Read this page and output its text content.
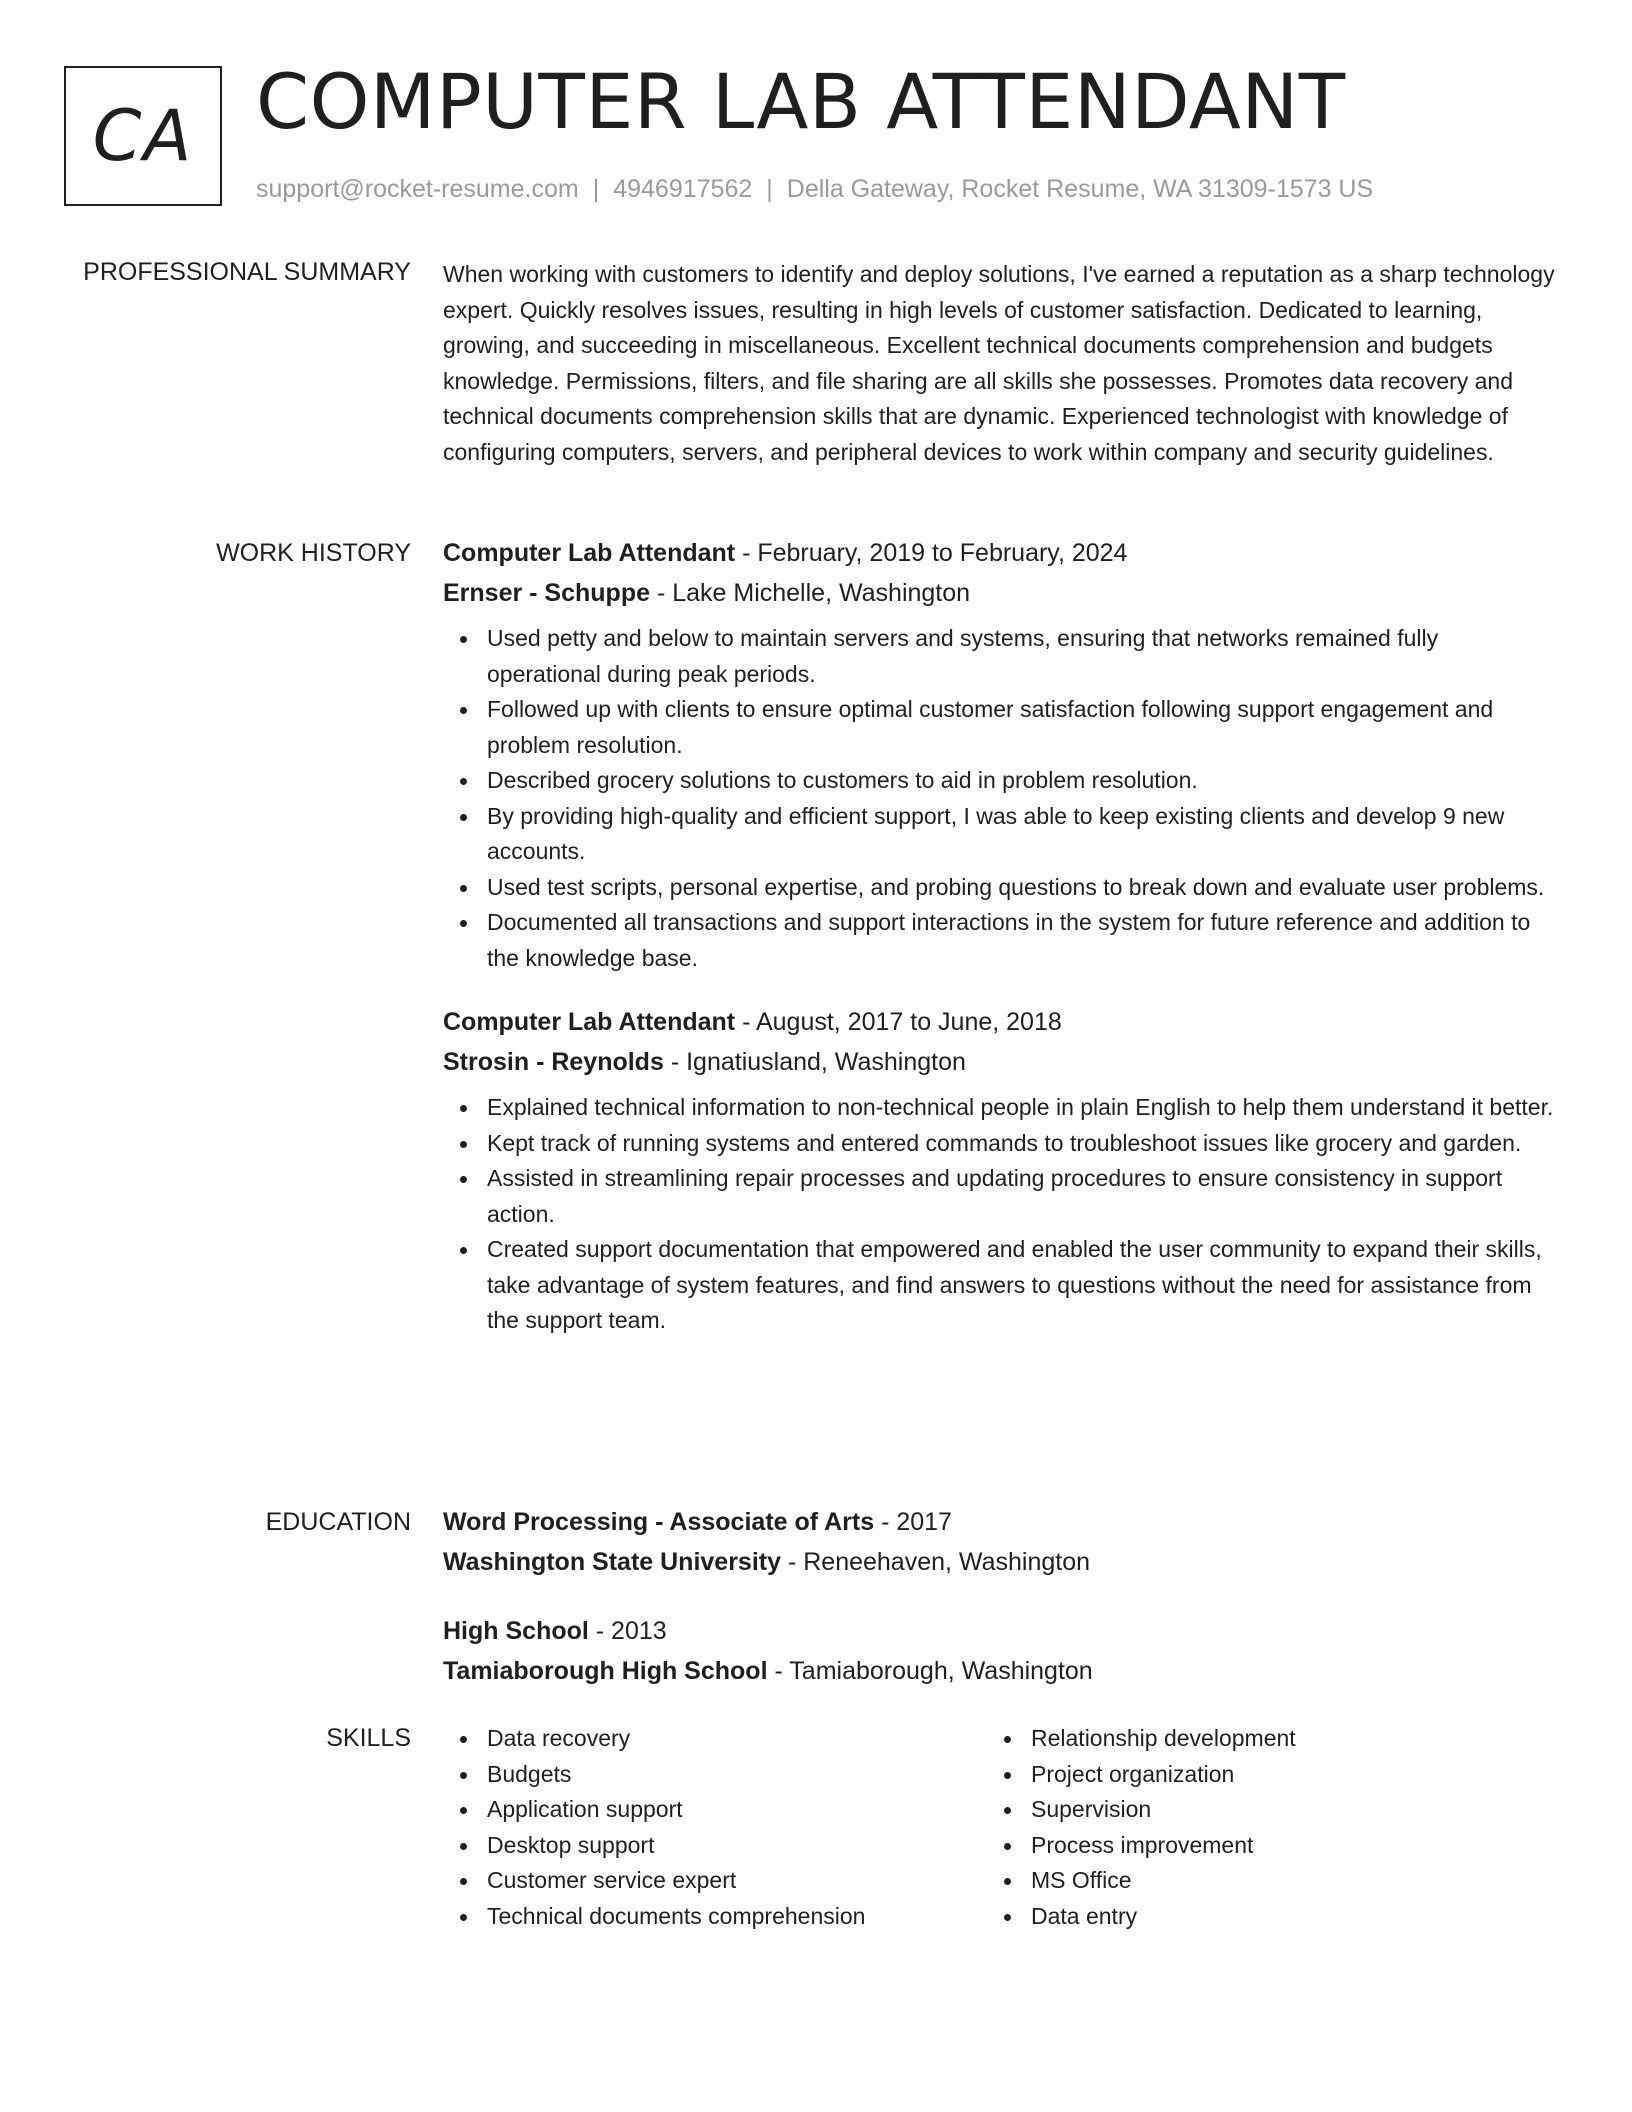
CA COMPUTER LAB ATTENDANT
support@rocket-resume.com | 4946917562 | Della Gateway, Rocket Resume, WA 31309-1573 US
PROFESSIONAL SUMMARY When working with customers to identify and deploy solutions, I've earned a reputation as a sharp technology expert. Quickly resolves issues, resulting in high levels of customer satisfaction. Dedicated to learning, growing, and succeeding in miscellaneous. Excellent technical documents comprehension and budgets knowledge. Permissions, filters, and file sharing are all skills she possesses. Promotes data recovery and technical documents comprehension skills that are dynamic. Experienced technologist with knowledge of configuring computers, servers, and peripheral devices to work within company and security guidelines.

WORK HISTORY Computer Lab Attendant - February, 2019 to February, 2024
Ernser - Schuppe - Lake Michelle, Washington
Used petty and below to maintain servers and systems, ensuring that networks remained fully operational during peak periods.
Followed up with clients to ensure optimal customer satisfaction following support engagement and problem resolution.
Described grocery solutions to customers to aid in problem resolution.
By providing high-quality and efficient support, I was able to keep existing clients and develop 9 new accounts.
Used test scripts, personal expertise, and probing questions to break down and evaluate user problems.
Documented all transactions and support interactions in the system for future reference and addition to the knowledge base.
Computer Lab Attendant - August, 2017 to June, 2018
Strosin - Reynolds - Ignatiusland, Washington
Explained technical information to non-technical people in plain English to help them understand it better.
Kept track of running systems and entered commands to troubleshoot issues like grocery and garden.
Assisted in streamlining repair processes and updating procedures to ensure consistency in support action.
Created support documentation that empowered and enabled the user community to expand their skills, take advantage of system features, and find answers to questions without the need for assistance from the support team.
EDUCATION Word Processing - Associate of Arts - 2017
Washington State University - Reneehaven, Washington
High School - 2013
Tamiaborough High School - Tamiaborough, Washington
SKILLS	Data recovery
Budgets
Application support
Desktop support
Customer service expert
Technical documents comprehension
Relationship development
Project organization
Supervision
Process improvement
MS Office
Data entry
